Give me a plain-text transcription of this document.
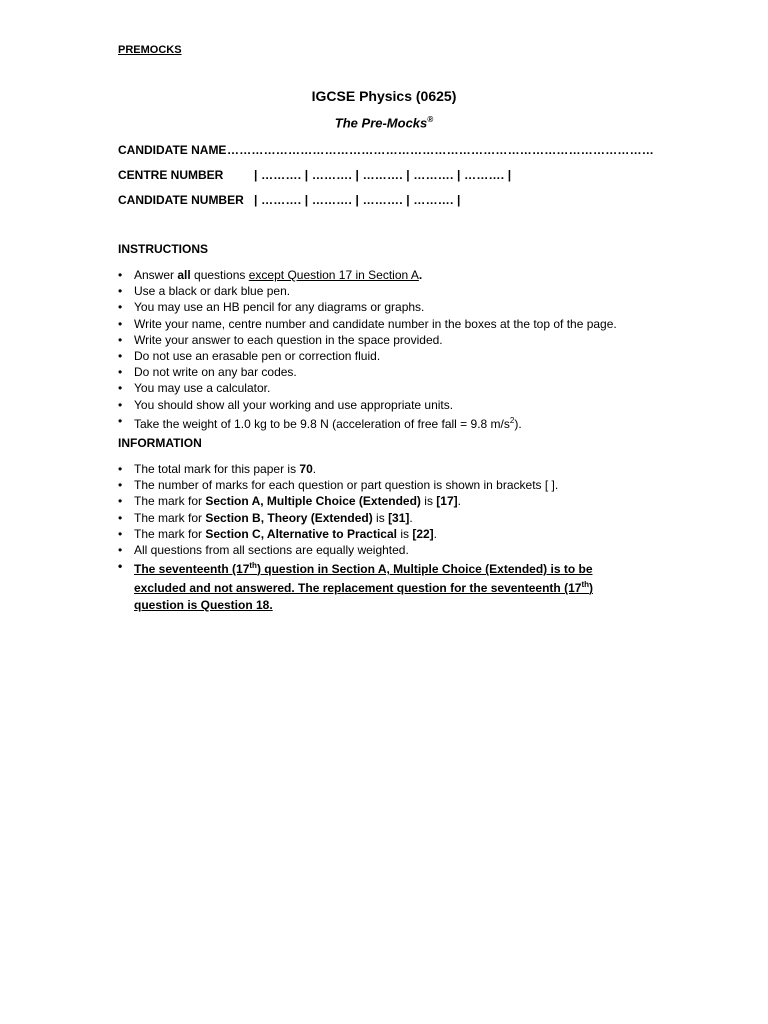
PREMOCKS
IGCSE Physics (0625)
The Pre-Mocks®
CANDIDATE NAME ……………………………………………………………………………………………
CENTRE NUMBER	| ………. | ………. | ………. | ………. | ………. |
CANDIDATE NUMBER | ………. | ………. | ………. | ………. |
INSTRUCTIONS
• Answer all questions except Question 17 in Section A.
• Use a black or dark blue pen.
• You may use an HB pencil for any diagrams or graphs.
• Write your name, centre number and candidate number in the boxes at the top of the page.
• Write your answer to each question in the space provided.
• Do not use an erasable pen or correction fluid.
• Do not write on any bar codes.
• You may use a calculator.
• You should show all your working and use appropriate units.
• Take the weight of 1.0 kg to be 9.8 N (acceleration of free fall = 9.8 $m/s^2$).
INFORMATION
• The total mark for this paper is 70.
• The number of marks for each question or part question is shown in brackets [ ].
• The mark for Section A, Multiple Choice (Extended) is [17].
• The mark for Section B, Theory (Extended) is [31].
• The mark for Section C, Alternative to Practical is [22].
• All questions from all sections are equally weighted.
• The seventeenth (17th) question in Section A, Multiple Choice (Extended) is to be excluded and not answered. The replacement question for the seventeenth (17th) question is Question 18.
